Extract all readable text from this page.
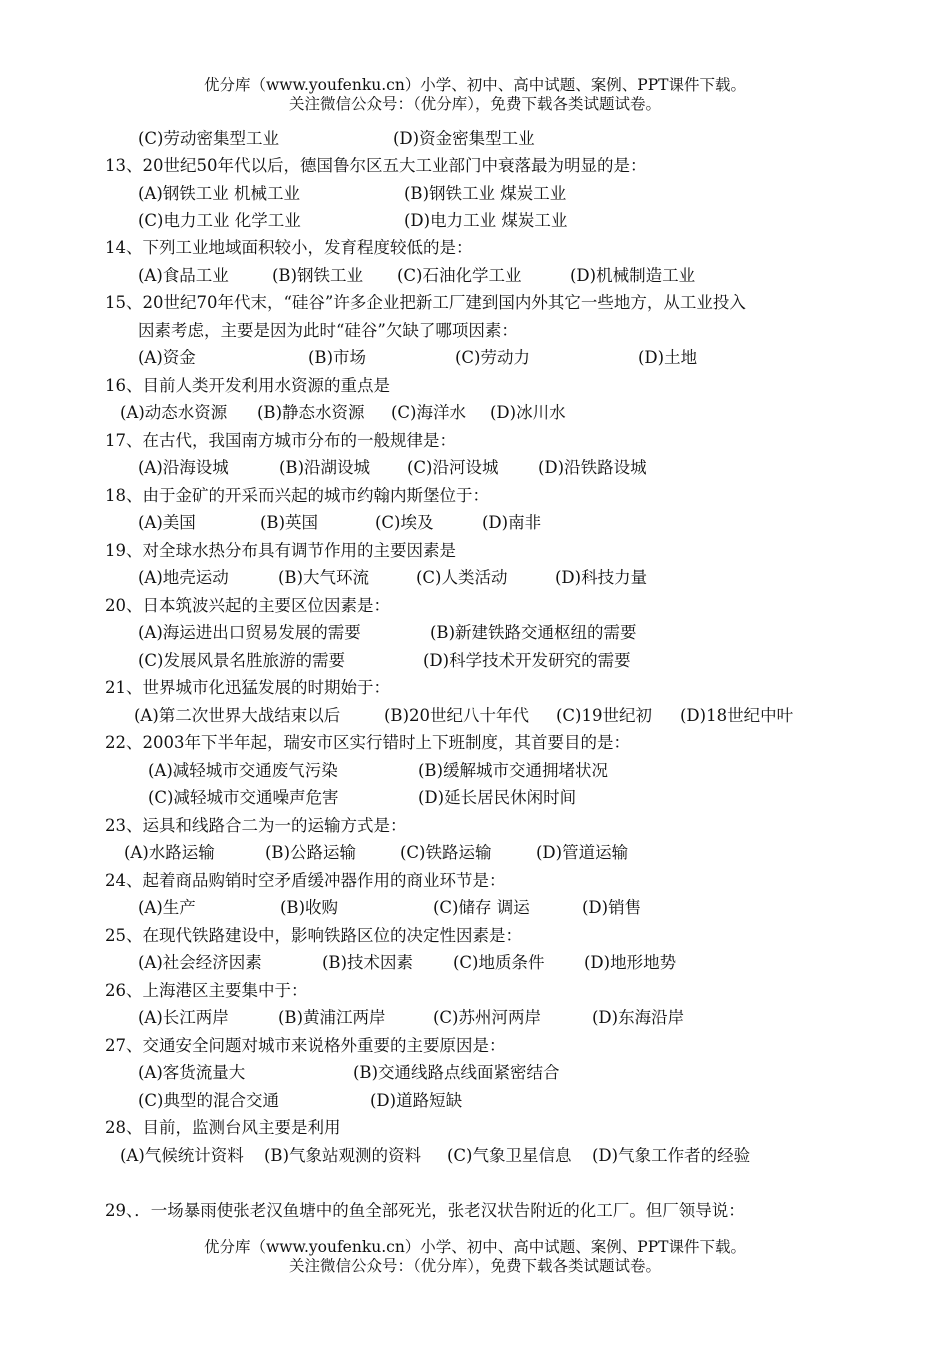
优分库（www.youfenku.cn）小学、初中、高中试题、案例、PPT课件下载。
关注微信公众号：（优分库），免费下载各类试题试卷。
(C)劳动密集型工业	(D)资金密集型工业
13、20世纪50年代以后，德国鲁尔区五大工业部门中衰落最为明显的是：
(A)钢铁工业 机械工业	(B)钢铁工业 煤炭工业
(C)电力工业 化学工业	(D)电力工业 煤炭工业
14、下列工业地域面积较小，发育程度较低的是：
(A)食品工业	(B)钢铁工业 (C)石油化学工业	(D)机械制造工业
15、20世纪70年代末，“硅谷”许多企业把新工厂建到国内外其它一些地方，从工业投入
因素考虑，主要是因为此时“硅谷”欠缺了哪项因素：
(A)资金	(B)市场	(C)劳动力	(D)土地
16、目前人类开发利用水资源的重点是
(A)动态水资源 (B)静态水资源 (C)海洋水 (D)冰川水
17、在古代，我国南方城市分布的一般规律是：
(A)沿海设城	(B)沿湖设城 (C)沿河设城 (D)沿铁路设城
18、由于金矿的开采而兴起的城市约翰内斯堡位于：
(A)美国	(B)英国	(C)埃及	(D)南非
19、对全球水热分布具有调节作用的主要因素是
(A)地壳运动	(B)大气环流	(C)人类活动	(D)科技力量
20、日本筑波兴起的主要区位因素是：
(A)海运进出口贸易发展的需要	(B)新建铁路交通枢纽的需要
(C)发展风景名胜旅游的需要	(D)科学技术开发研究的需要
21、世界城市化迅猛发展的时期始于：
(A)第二次世界大战结束以后	(B)20世纪八十年代 (C)19世纪初 (D)18世纪中叶
22、2003年下半年起，瑞安市区实行错时上下班制度，其首要目的是：
(A)减轻城市交通废气污染	(B)缓解城市交通拥堵状况
(C)减轻城市交通噪声危害	(D)延长居民休闲时间
23、运具和线路合二为一的运输方式是：
(A)水路运输	(B)公路运输	(C)铁路运输	(D)管道运输
24、起着商品购销时空矛盾缓冲器作用的商业环节是：
(A)生产	(B)收购	(C)储存 调运	(D)销售
25、在现代铁路建设中，影响铁路区位的决定性因素是：
(A)社会经济因素	(B)技术因素 (C)地质条件 (D)地形地势
26、上海港区主要集中于：
(A)长江两岸	(B)黄浦江两岸	(C)苏州河两岸	(D)东海沿岸
27、交通安全问题对城市来说格外重要的主要原因是：
(A)客货流量大	(B)交通线路点线面紧密结合
(C)典型的混合交通	(D)道路短缺
28、目前，监测台风主要是利用
(A)气候统计资料 (B)气象站观测的资料 (C)气象卫星信息 (D)气象工作者的经验
29、．一场暴雨使张老汉鱼塘中的鱼全部死光，张老汉状告附近的化工厂。但厂领导说：
优分库（www.youfenku.cn）小学、初中、高中试题、案例、PPT课件下载。
关注微信公众号：（优分库），免费下载各类试题试卷。
